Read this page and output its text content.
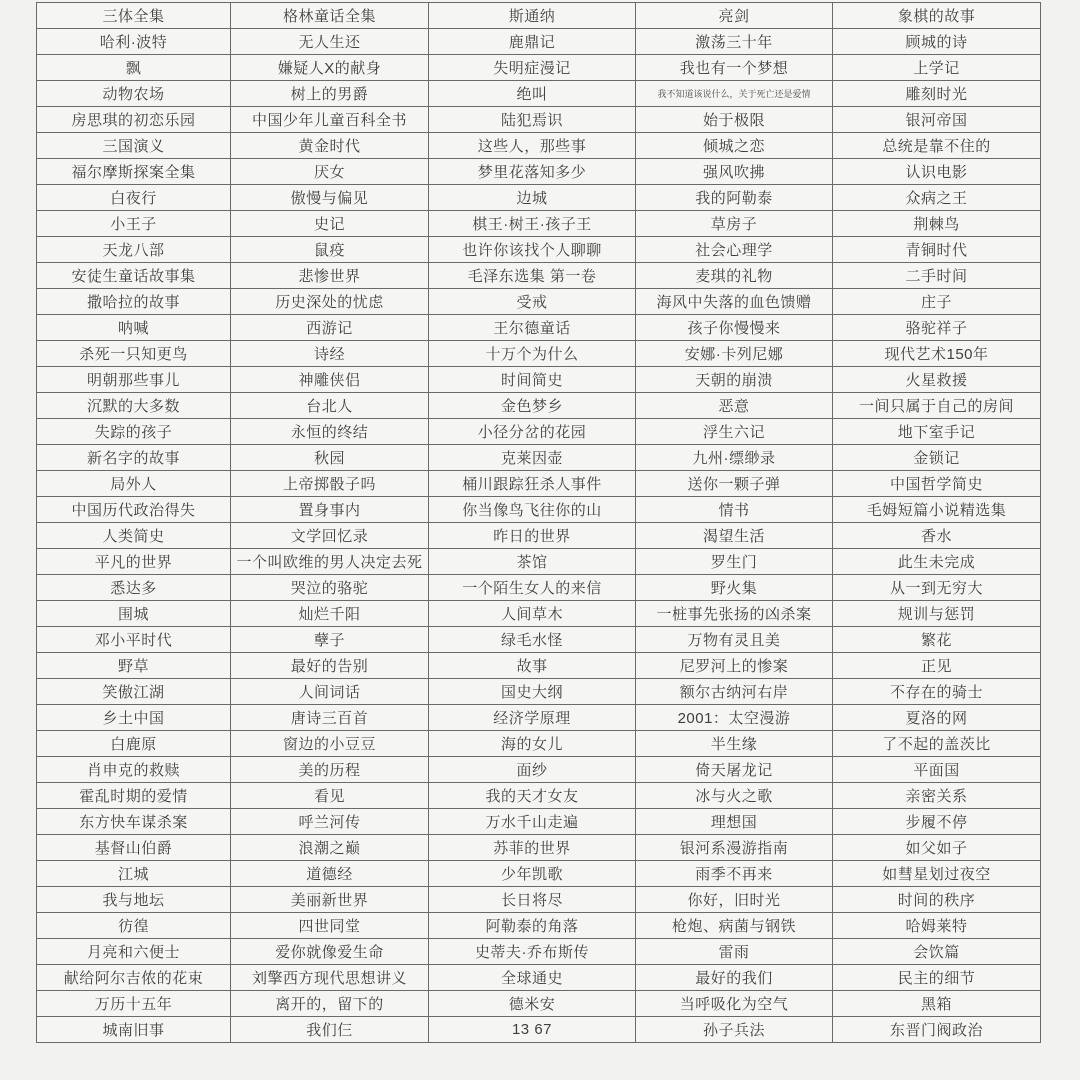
三体全集	格林童话全集	斯通纳	亮剑	象棋的故事
哈利·波特	无人生还	鹿鼎记	激荡三十年	顾城的诗
飘	嫌疑人X的献身	失明症漫记	我也有一个梦想	上学记
动物农场	树上的男爵	绝叫	我不知道该说什么，关于死亡还是爱情	雕刻时光
房思琪的初恋乐园	中国少年儿童百科全书	陆犯焉识	始于极限	银河帝国
三国演义	黄金时代	这些人，那些事	倾城之恋	总统是靠不住的
福尔摩斯探案全集	厌女	梦里花落知多少	强风吹拂	认识电影
白夜行	傲慢与偏见	边城	我的阿勒泰	众病之王
小王子	史记	棋王·树王·孩子王	草房子	荆棘鸟
天龙八部	鼠疫	也许你该找个人聊聊	社会心理学	青铜时代
安徒生童话故事集	悲惨世界	毛泽东选集 第一卷	麦琪的礼物	二手时间
撒哈拉的故事	历史深处的忧虑	受戒	海风中失落的血色馈赠	庄子
呐喊	西游记	王尔德童话	孩子你慢慢来	骆驼祥子
杀死一只知更鸟	诗经	十万个为什么	安娜·卡列尼娜	现代艺术150年
明朝那些事儿	神雕侠侣	时间简史	天朝的崩溃	火星救援
沉默的大多数	台北人	金色梦乡	恶意	一间只属于自己的房间
失踪的孩子	永恒的终结	小径分岔的花园	浮生六记	地下室手记
新名字的故事	秋园	克莱因壶	九州·缥缈录	金锁记
局外人	上帝掷骰子吗	桶川跟踪狂杀人事件	送你一颗子弹	中国哲学简史
中国历代政治得失	置身事内	你当像鸟飞往你的山	情书	毛姆短篇小说精选集
人类简史	文学回忆录	昨日的世界	渴望生活	香水
平凡的世界	一个叫欧维的男人决定去死	茶馆	罗生门	此生未完成
悉达多	哭泣的骆驼	一个陌生女人的来信	野火集	从一到无穷大
围城	灿烂千阳	人间草木	一桩事先张扬的凶杀案	规训与惩罚
邓小平时代	孽子	绿毛水怪	万物有灵且美	繁花
野草	最好的告别	故事	尼罗河上的惨案	正见
笑傲江湖	人间词话	国史大纲	额尔古纳河右岸	不存在的骑士
乡土中国	唐诗三百首	经济学原理	2001：太空漫游	夏洛的网
白鹿原	窗边的小豆豆	海的女儿	半生缘	了不起的盖茨比
肖申克的救赎	美的历程	面纱	倚天屠龙记	平面国
霍乱时期的爱情	看见	我的天才女友	冰与火之歌	亲密关系
东方快车谋杀案	呼兰河传	万水千山走遍	理想国	步履不停
基督山伯爵	浪潮之巅	苏菲的世界	银河系漫游指南	如父如子
江城	道德经	少年凯歌	雨季不再来	如彗星划过夜空
我与地坛	美丽新世界	长日将尽	你好，旧时光	时间的秩序
彷徨	四世同堂	阿勒泰的角落	枪炮、病菌与钢铁	哈姆莱特
月亮和六便士	爱你就像爱生命	史蒂夫·乔布斯传	雷雨	会饮篇
献给阿尔吉侬的花束	刘擎西方现代思想讲义	全球通史	最好的我们	民主的细节
万历十五年	离开的，留下的	德米安	当呼吸化为空气	黑箱
城南旧事	我们仨	13 67	孙子兵法	东晋门阀政治
